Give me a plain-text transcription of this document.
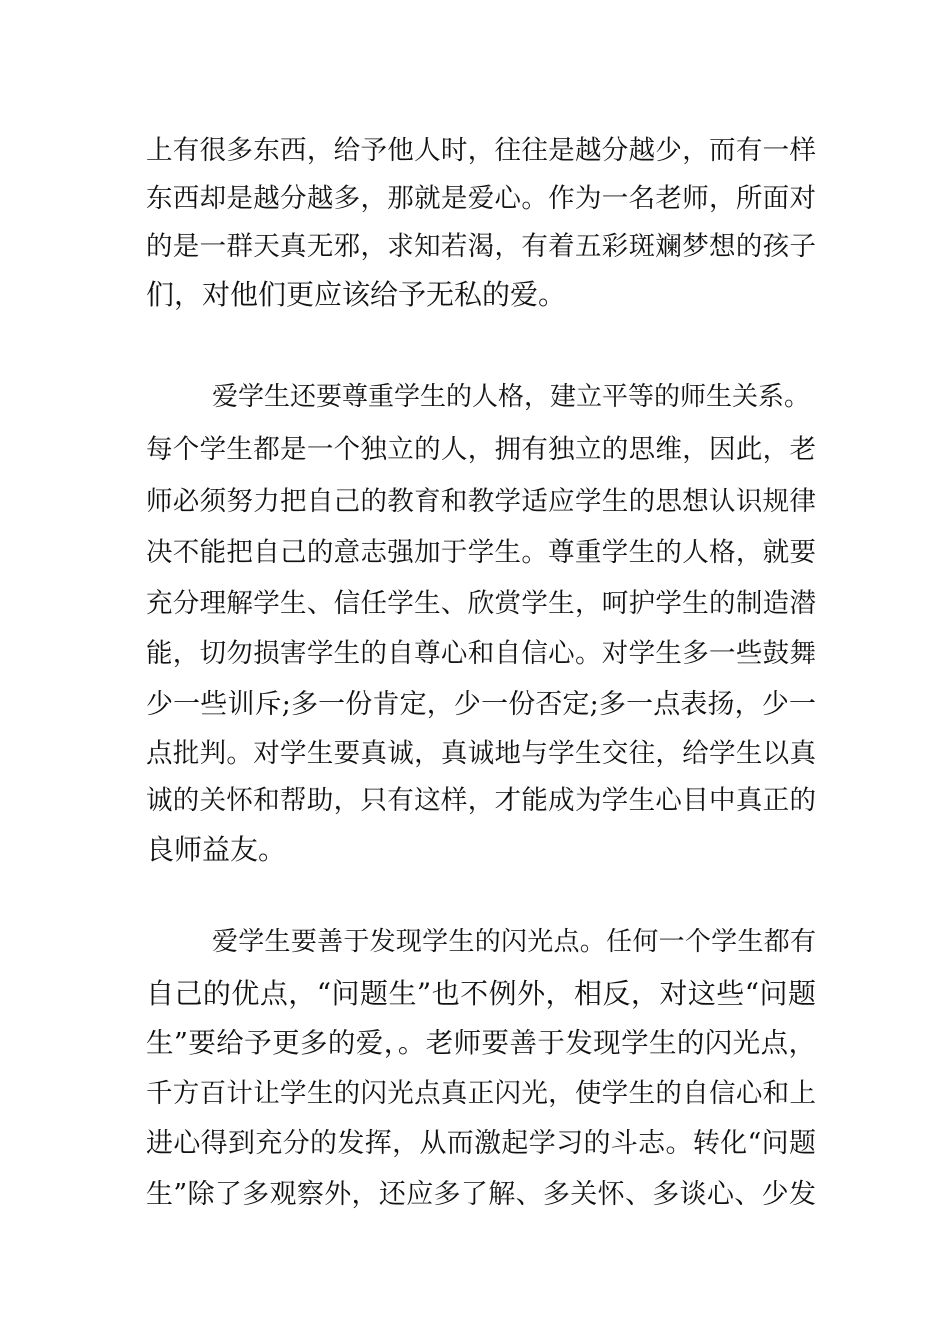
上有很多东西，给予他人时，往往是越分越少，而有一样
东西却是越分越多，那就是爱心。作为一名老师，所面对
的是一群天真无邪，求知若渴，有着五彩斑斓梦想的孩子
们，对他们更应该给予无私的爱。
爱学生还要尊重学生的人格，建立平等的师生关系。
每个学生都是一个独立的人，拥有独立的思维，因此，老
师必须努力把自己的教育和教学适应学生的思想认识规律
决不能把自己的意志强加于学生。尊重学生的人格，就要
充分理解学生、信任学生、欣赏学生，呵护学生的制造潜
能，切勿损害学生的自尊心和自信心。对学生多一些鼓舞
少一些训斥;多一份肯定，少一份否定;多一点表扬，少一
点批判。对学生要真诚，真诚地与学生交往，给学生以真
诚的关怀和帮助，只有这样，才能成为学生心目中真正的
良师益友。
爱学生要善于发现学生的闪光点。任何一个学生都有
自己的优点，“问题生”也不例外，相反，对这些“问题
生”要给予更多的爱，。老师要善于发现学生的闪光点，
千方百计让学生的闪光点真正闪光，使学生的自信心和上
进心得到充分的发挥，从而激起学习的斗志。转化“问题
生”除了多观察外，还应多了解、多关怀、多谈心、少发
